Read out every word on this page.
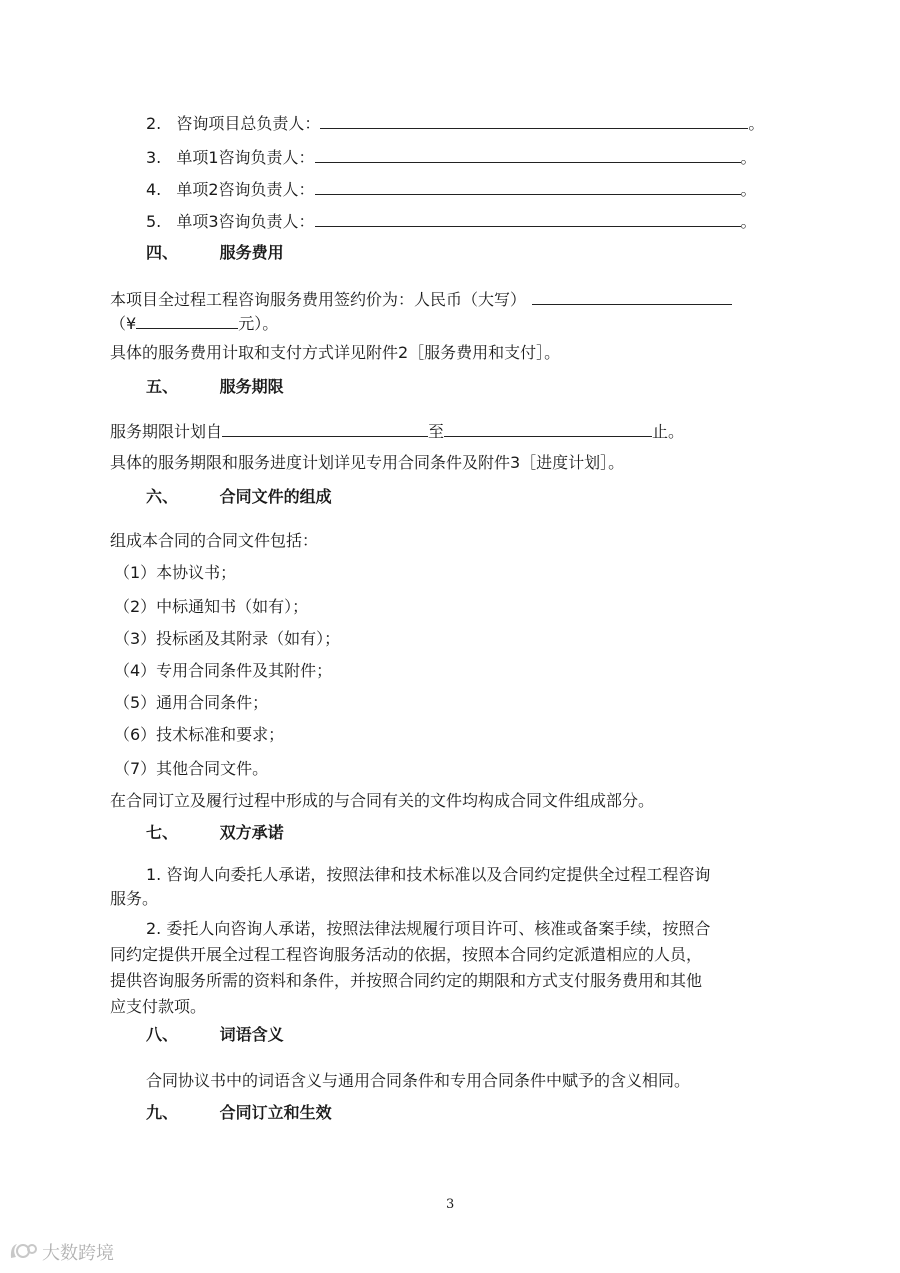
2. 咨询项目总负责人：	。
3. 单项1咨询负责人：	。
4. 单项2咨询负责人：	。
5. 单项3咨询负责人：	。
四、	服务费用
本项目全过程工程咨询服务费用签约价为：人民币（大写）
（¥	元）。
具体的服务费用计取和支付方式详见附件2［服务费用和支付］。
五、	服务期限
服务期限计划自	至	止。
具体的服务期限和服务进度计划详见专用合同条件及附件3［进度计划］。
六、	合同文件的组成
组成本合同的合同文件包括：
（1）本协议书；
（2）中标通知书（如有）；
（3）投标函及其附录（如有）；
（4）专用合同条件及其附件；
（5）通用合同条件；
（6）技术标准和要求；
（7）其他合同文件。
在合同订立及履行过程中形成的与合同有关的文件均构成合同文件组成部分。
七、	双方承诺
1. 咨询人向委托人承诺，按照法律和技术标准以及合同约定提供全过程工程咨询
服务。
2. 委托人向咨询人承诺，按照法律法规履行项目许可、核准或备案手续，按照合
同约定提供开展全过程工程咨询服务活动的依据，按照本合同约定派遣相应的人员，
提供咨询服务所需的资料和条件，并按照合同约定的期限和方式支付服务费用和其他
应支付款项。
八、	词语含义
合同协议书中的词语含义与通用合同条件和专用合同条件中赋予的含义相同。
九、	合同订立和生效
3
大数跨境
